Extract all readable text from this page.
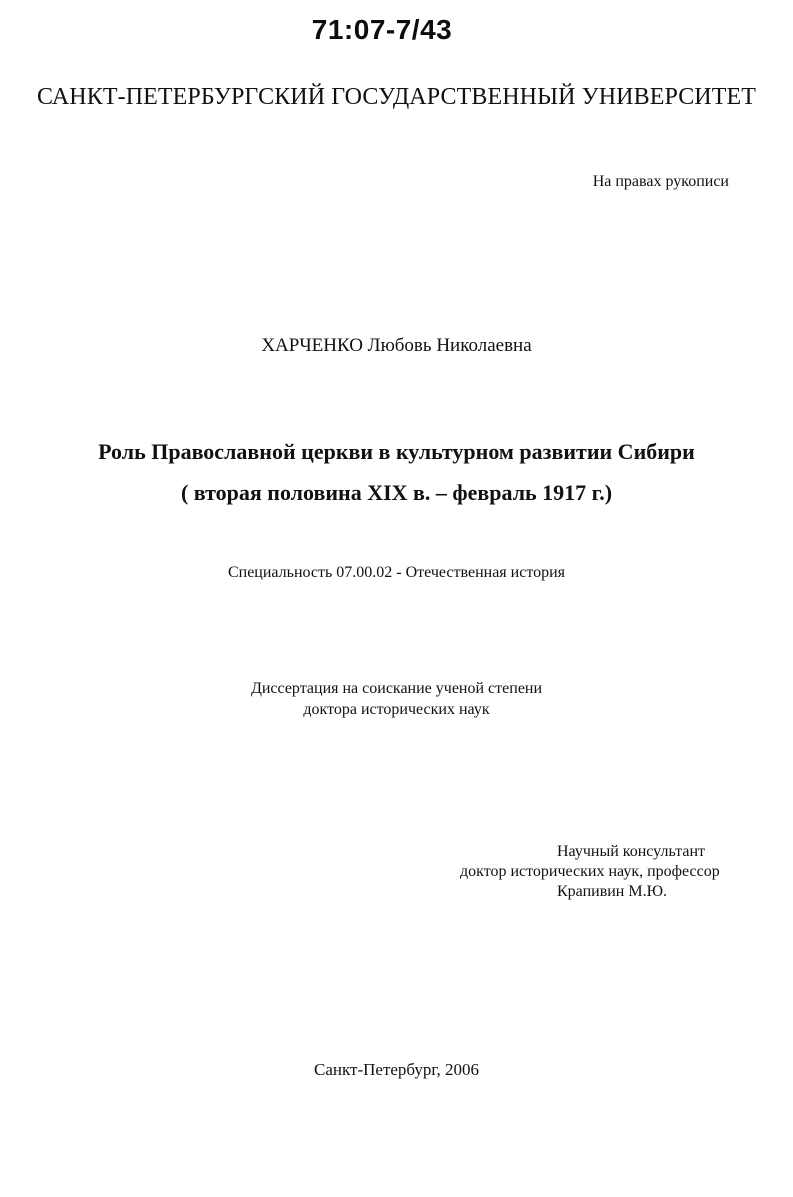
71:07-7/43
САНКТ-ПЕТЕРБУРГСКИЙ ГОСУДАРСТВЕННЫЙ УНИВЕРСИТЕТ
На правах рукописи
ХАРЧЕНКО Любовь Николаевна
Роль Православной церкви в культурном развитии Сибири
( вторая половина XIX в. – февраль 1917 г.)
Специальность 07.00.02 - Отечественная история
Диссертация на соискание ученой степени
доктора исторических наук
Научный консультант
доктор исторических наук, профессор
Крапивин М.Ю.
Санкт-Петербург, 2006
